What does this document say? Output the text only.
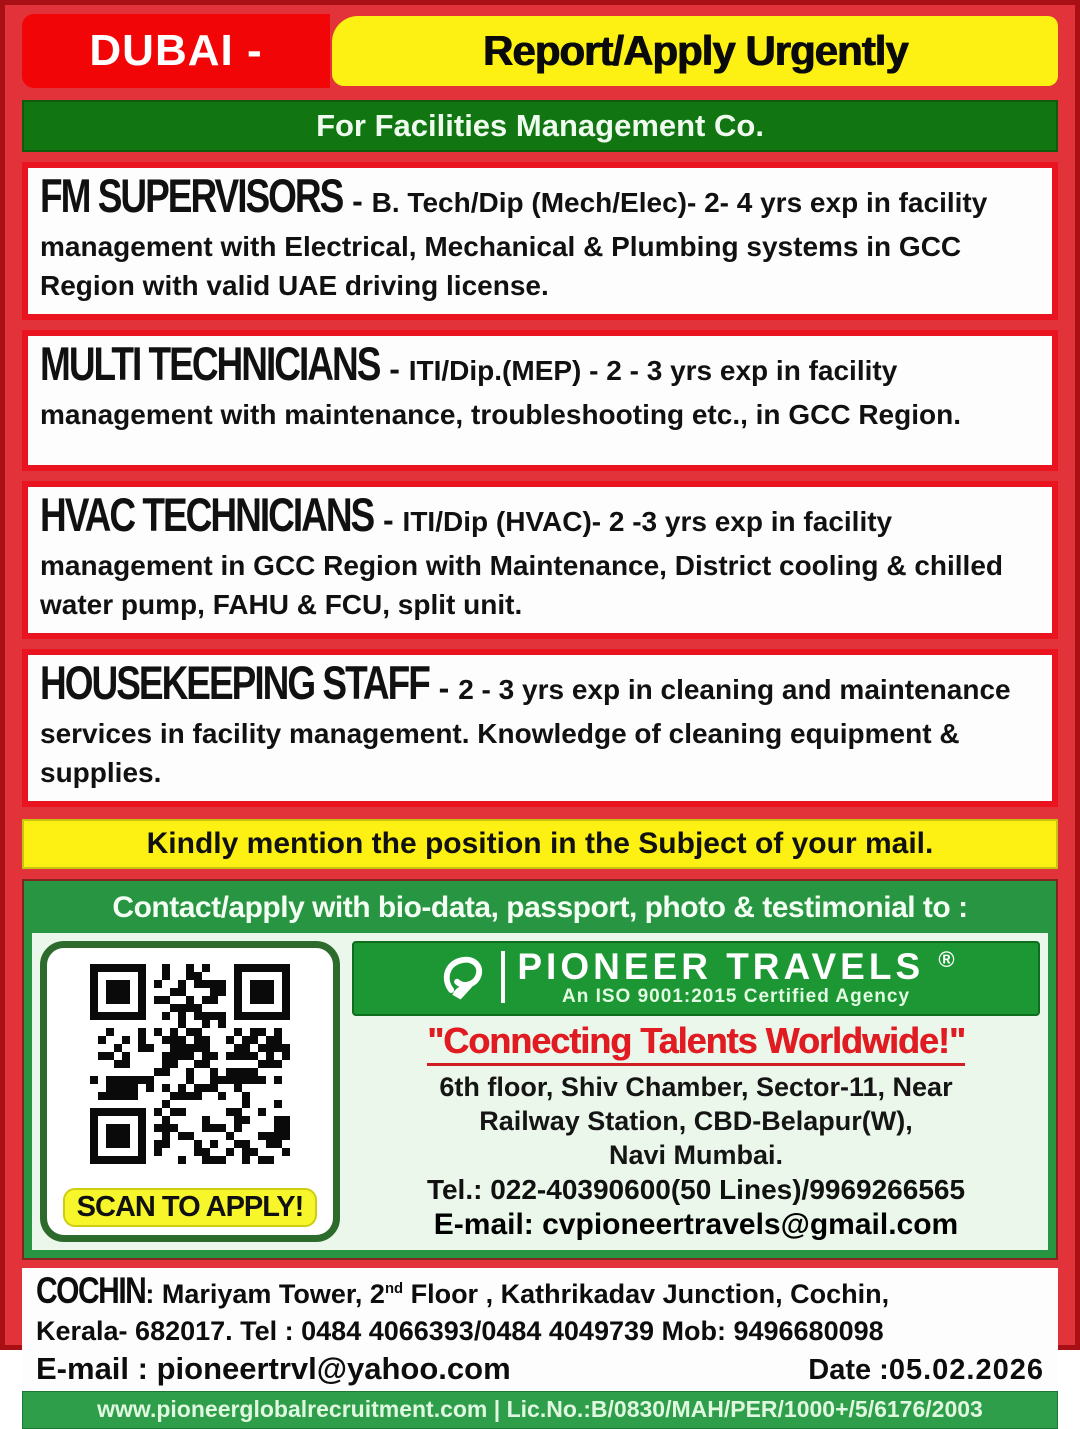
DUBAI -	Report/Apply Urgently
For Facilities Management Co.
FM SUPERVISORS - B. Tech/Dip (Mech/Elec)- 2- 4 yrs exp in facility management with Electrical, Mechanical & Plumbing systems in GCC Region with valid UAE driving license.
MULTI TECHNICIANS - ITI/Dip.(MEP) - 2 - 3 yrs exp in facility management with maintenance, troubleshooting etc., in GCC Region.
HVAC TECHNICIANS - ITI/Dip (HVAC)- 2 -3 yrs exp in facility management in GCC Region with Maintenance, District cooling & chilled water pump, FAHU & FCU, split unit.
HOUSEKEEPING STAFF - 2 - 3 yrs exp in cleaning and maintenance services in facility management. Knowledge of cleaning equipment & supplies.
Kindly mention the position in the Subject of your mail.
Contact/apply with bio-data, passport, photo & testimonial to :
SCAN TO APPLY!
PIONEER TRAVELS ®
An ISO 9001:2015 Certified Agency
"Connecting Talents Worldwide!"
6th floor, Shiv Chamber, Sector-11, Near
Railway Station, CBD-Belapur(W),
Navi Mumbai.
Tel.: 022-40390600(50 Lines)/9969266565
E-mail: cvpioneertravels@gmail.com
COCHIN: Mariyam Tower, 2nd Floor , Kathrikadav Junction, Cochin,
Kerala- 682017. Tel : 0484 4066393/0484 4049739 Mob: 9496680098
E-mail : pioneertrvl@yahoo.com	Date :05.02.2026
www.pioneerglobalrecruitment.com | Lic.No.:B/0830/MAH/PER/1000+/5/6176/2003
